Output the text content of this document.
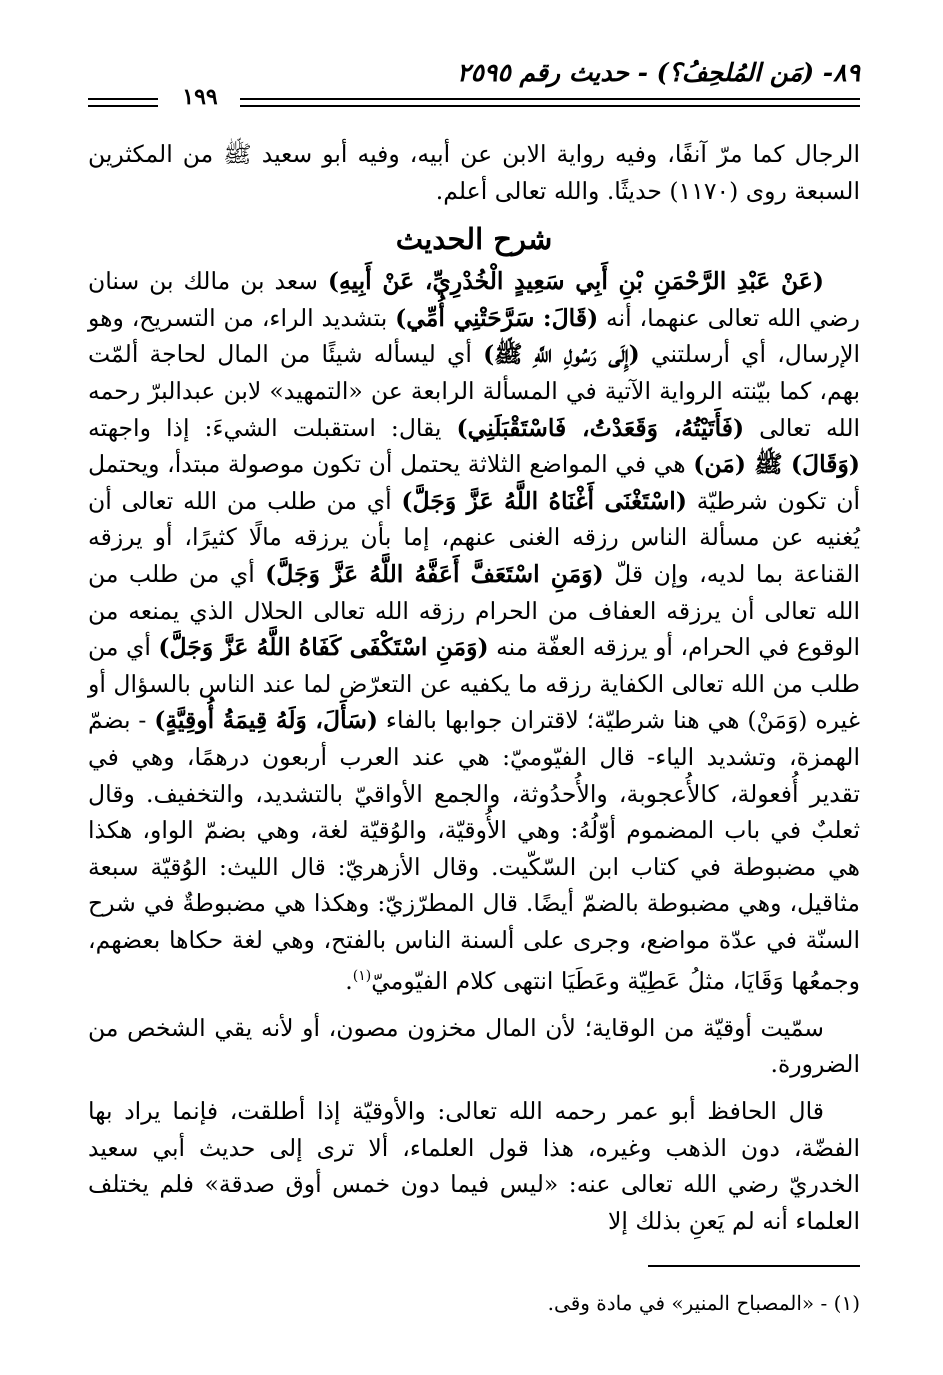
٨٩- (مَن المُلحِفُ؟) - حديث رقم ٢٥٩٥
١٩٩

الرجال كما مرّ آنفًا، وفيه رواية الابن عن أبيه، وفيه أبو سعيد ﷺ من المكثرين السبعة روى (١١٧٠) حديثًا. والله تعالى أعلم.

شرح الحديث

(عَنْ عَبْدِ الرَّحْمَنِ بْنِ أَبِي سَعِيدٍ الْخُدْرِيِّ، عَنْ أَبِيهِ) سعد بن مالك بن سنان رضي الله تعالى عنهما، أنه (قَالَ: سَرَّحَتْنِي أُمِّي) بتشديد الراء، من التسريح، وهو الإرسال، أي أرسلتني (إِلَى رَسُولِ اللَّهِ ﷺ) أي ليسأله شيئًا من المال لحاجة ألمّت بهم، كما بيّنته الرواية الآتية في المسألة الرابعة عن «التمهيد» لابن عبدالبرّ رحمه الله تعالى (فَأَتَيْتُهُ، وَقَعَدْتُ، فَاسْتَقْبَلَنِي) يقال: استقبلت الشيءَ: إذا واجهته (وَقَالَ) ﷺ (مَن) هي في المواضع الثلاثة يحتمل أن تكون موصولة مبتدأ، ويحتمل أن تكون شرطيّة (اسْتَغْنَى أَغْنَاهُ اللَّهُ عَزَّ وَجَلَّ) أي من طلب من الله تعالى أن يُغنيه عن مسألة الناس رزقه الغنى عنهم، إما بأن يرزقه مالًا كثيرًا، أو يرزقه القناعة بما لديه، وإن قلّ (وَمَنِ اسْتَعَفَّ أَعَفَّهُ اللَّهُ عَزَّ وَجَلَّ) أي من طلب من الله تعالى أن يرزقه العفاف من الحرام رزقه الله تعالى الحلال الذي يمنعه من الوقوع في الحرام، أو يرزقه العفّة منه (وَمَنِ اسْتَكْفَى كَفَاهُ اللَّهُ عَزَّ وَجَلَّ) أي من طلب من الله تعالى الكفاية رزقه ما يكفيه عن التعرّض لما عند الناس بالسؤال أو غيره (وَمَنْ) هي هنا شرطيّة؛ لاقتران جوابها بالفاء (سَأَلَ، وَلَهُ قِيمَةُ أُوقِيَّةٍ) - بضمّ الهمزة، وتشديد الياء- قال الفيّوميّ: هي عند العرب أربعون درهمًا، وهي في تقدير أُفعولة، كالأُعجوبة، والأُحدُوثة، والجمع الأواقيّ بالتشديد، والتخفيف. وقال ثعلبٌ في باب المضموم أوّلُهُ: وهي الأُوقيّة، والوُقيّة لغة، وهي بضمّ الواو، هكذا هي مضبوطة في كتاب ابن السّكّيت. وقال الأزهريّ: قال الليث: الوُقيّة سبعة مثاقيل، وهي مضبوطة بالضمّ أيضًا. قال المطرّزيّ: وهكذا هي مضبوطةٌ في شرح السنّة في عدّة مواضع، وجرى على ألسنة الناس بالفتح، وهي لغة حكاها بعضهم، وجمعُها وَقَايَا، مثلُ عَطِيّة وعَطَيَا انتهى كلام الفيّوميّ$^{(١)}$.

سمّيت أوقيّة من الوقاية؛ لأن المال مخزون مصون، أو لأنه يقي الشخص من الضرورة.

قال الحافظ أبو عمر رحمه الله تعالى: والأوقيّة إذا أطلقت، فإنما يراد بها الفضّة، دون الذهب وغيره، هذا قول العلماء، ألا ترى إلى حديث أبي سعيد الخدريّ رضي الله تعالى عنه: «ليس فيما دون خمس أوق صدقة» فلم يختلف العلماء أنه لم يَعنِ بذلك إلا

(١) - «المصباح المنير» في مادة وقى.
